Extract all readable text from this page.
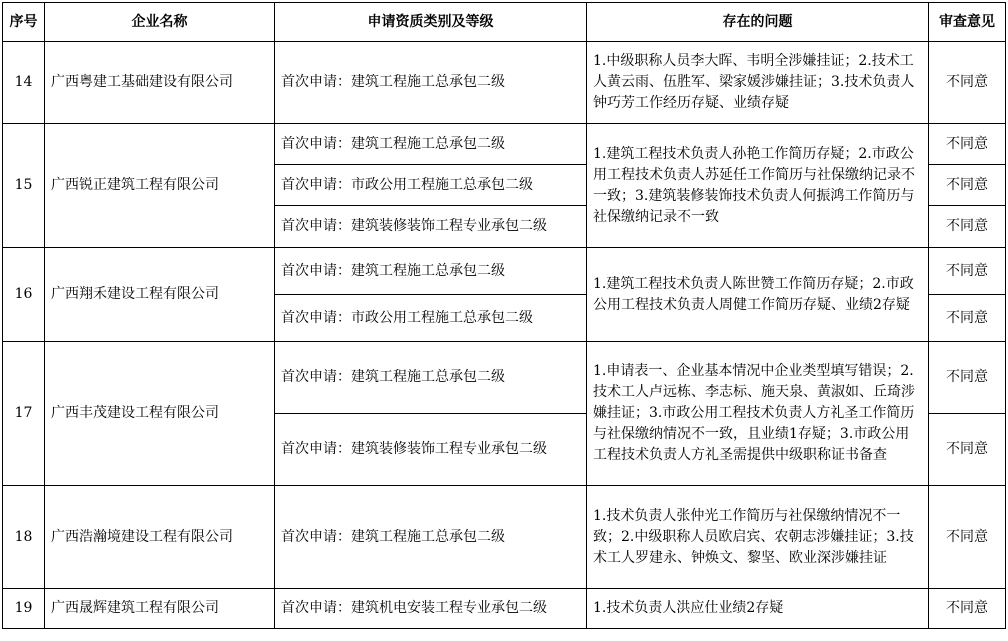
序号	企业名称	申请资质类别及等级	存在的问题	审查意见
14	广西粤建工基础建设有限公司	首次申请：建筑工程施工总承包二级	1.中级职称人员李大晖、韦明全涉嫌挂证；2.技术工人黄云雨、伍胜军、梁家媛涉嫌挂证；3.技术负责人钟巧芳工作经历存疑、业绩存疑	不同意
15	广西锐正建筑工程有限公司	首次申请：建筑工程施工总承包二级	1.建筑工程技术负责人孙艳工作简历存疑；2.市政公用工程技术负责人苏延任工作简历与社保缴纳记录不一致；3.建筑装修装饰技术负责人何振鸿工作简历与社保缴纳记录不一致	不同意
		首次申请：市政公用工程施工总承包二级		不同意
		首次申请：建筑装修装饰工程专业承包二级		不同意
16	广西翔禾建设工程有限公司	首次申请：建筑工程施工总承包二级	1.建筑工程技术负责人陈世赞工作简历存疑；2.市政公用工程技术负责人周健工作简历存疑、业绩2存疑	不同意
		首次申请：市政公用工程施工总承包二级		不同意
17	广西丰茂建设工程有限公司	首次申请：建筑工程施工总承包二级	1.申请表一、企业基本情况中企业类型填写错误；2.技术工人卢远栋、李志标、施天泉、黄淑如、丘琦涉嫌挂证；3.市政公用工程技术负责人方礼圣工作简历与社保缴纳情况不一致，且业绩1存疑；3.市政公用工程技术负责人方礼圣需提供中级职称证书备查	不同意
		首次申请：建筑装修装饰工程专业承包二级		不同意
18	广西浩瀚境建设工程有限公司	首次申请：建筑工程施工总承包二级	1.技术负责人张仲光工作简历与社保缴纳情况不一致；2.中级职称人员欧启宾、农朝志涉嫌挂证；3.技术工人罗建永、钟焕文、黎坚、欧业深涉嫌挂证	不同意
19	广西晟辉建筑工程有限公司	首次申请：建筑机电安装工程专业承包二级	1.技术负责人洪应仕业绩2存疑	不同意
